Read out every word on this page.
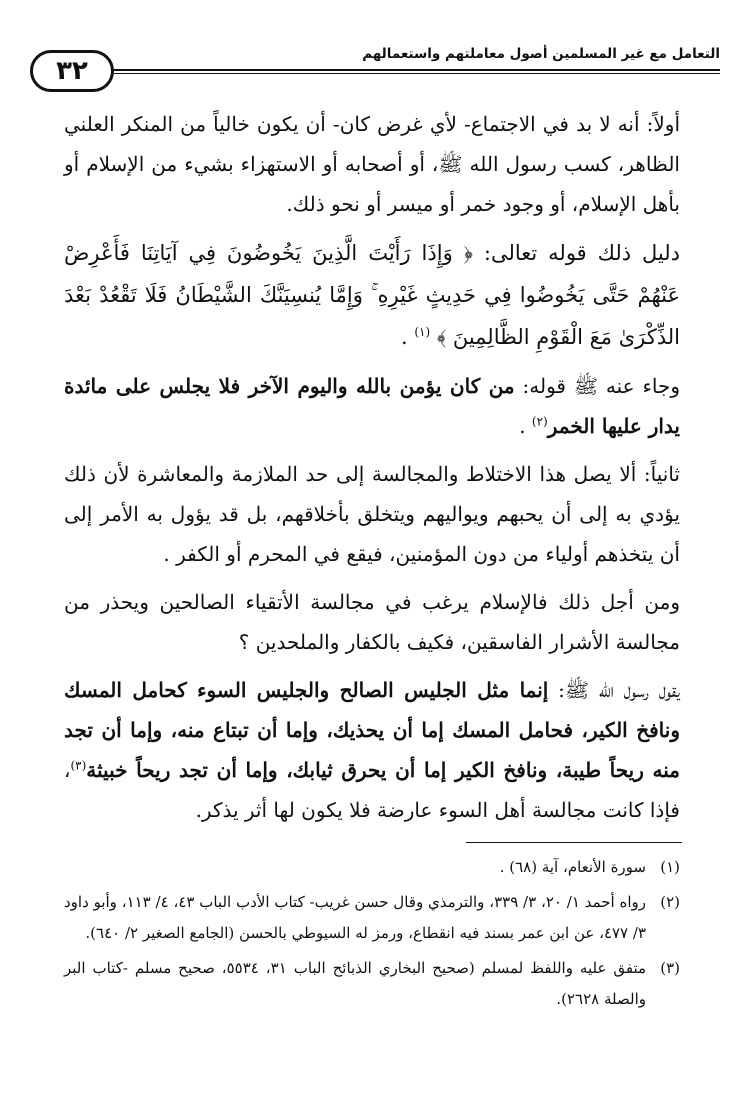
٣٢
التعامل مع غير المسلمين أصول معاملتهم واستعمالهم

أولاً: أنه لا بد في الاجتماع- لأي غرض كان- أن يكون خالياً من المنكر العلني الظاهر، كسب رسول الله ﷺ، أو أصحابه أو الاستهزاء بشيء من الإسلام أو بأهل الإسلام، أو وجود خمر أو ميسر أو نحو ذلك.

دليل ذلك قوله تعالى: ﴿ وَإِذَا رَأَيْتَ الَّذِينَ يَخُوضُونَ فِي آيَاتِنَا فَأَعْرِضْ عَنْهُمْ حَتَّى يَخُوضُوا فِي حَدِيثٍ غَيْرِهِ ۚ وَإِمَّا يُنسِيَنَّكَ الشَّيْطَانُ فَلَا تَقْعُدْ بَعْدَ الذِّكْرَىٰ مَعَ الْقَوْمِ الظَّالِمِينَ ﴾ $^{(١)}$ .

وجاء عنه ﷺ قوله: من كان يؤمن بالله واليوم الآخر فلا يجلس على مائدة يدار عليها الخمر$^{(٢)}$ .

ثانياً: ألا يصل هذا الاختلاط والمجالسة إلى حد الملازمة والمعاشرة لأن ذلك يؤدي به إلى أن يحبهم ويواليهم ويتخلق بأخلاقهم، بل قد يؤول به الأمر إلى أن يتخذهم أولياء من دون المؤمنين، فيقع في المحرم أو الكفر .

ومن أجل ذلك فالإسلام يرغب في مجالسة الأتقياء الصالحين ويحذر من مجالسة الأشرار الفاسقين، فكيف بالكفار والملحدين ؟

يقول رسول الله ﷺ: إنما مثل الجليس الصالح والجليس السوء كحامل المسك ونافخ الكير، فحامل المسك إما أن يحذيك، وإما أن تبتاع منه، وإما أن تجد منه ريحاً طيبة، ونافخ الكير إما أن يحرق ثيابك، وإما أن تجد ريحاً خبيثة$^{(٣)}$، فإذا كانت مجالسة أهل السوء عارضة فلا يكون لها أثر يذكر.

(١)
سورة الأنعام، آية (٦٨) .
(٢)
رواه أحمد ١/ ٢٠، ٣/ ٣٣٩، والترمذي وقال حسن غريب- كتاب الأدب الباب ٤٣، ٤/ ١١٣، وأبو داود ٣/ ٤٧٧، عن ابن عمر بسند فيه انقطاع، ورمز له السيوطي بالحسن (الجامع الصغير ٢/ ٦٤٠).
(٣)
متفق عليه واللفظ لمسلم (صحيح البخاري الذبائح الباب ٣١، ٥٥٣٤، صحيح مسلم -كتاب البر والصلة ٢٦٢٨).
